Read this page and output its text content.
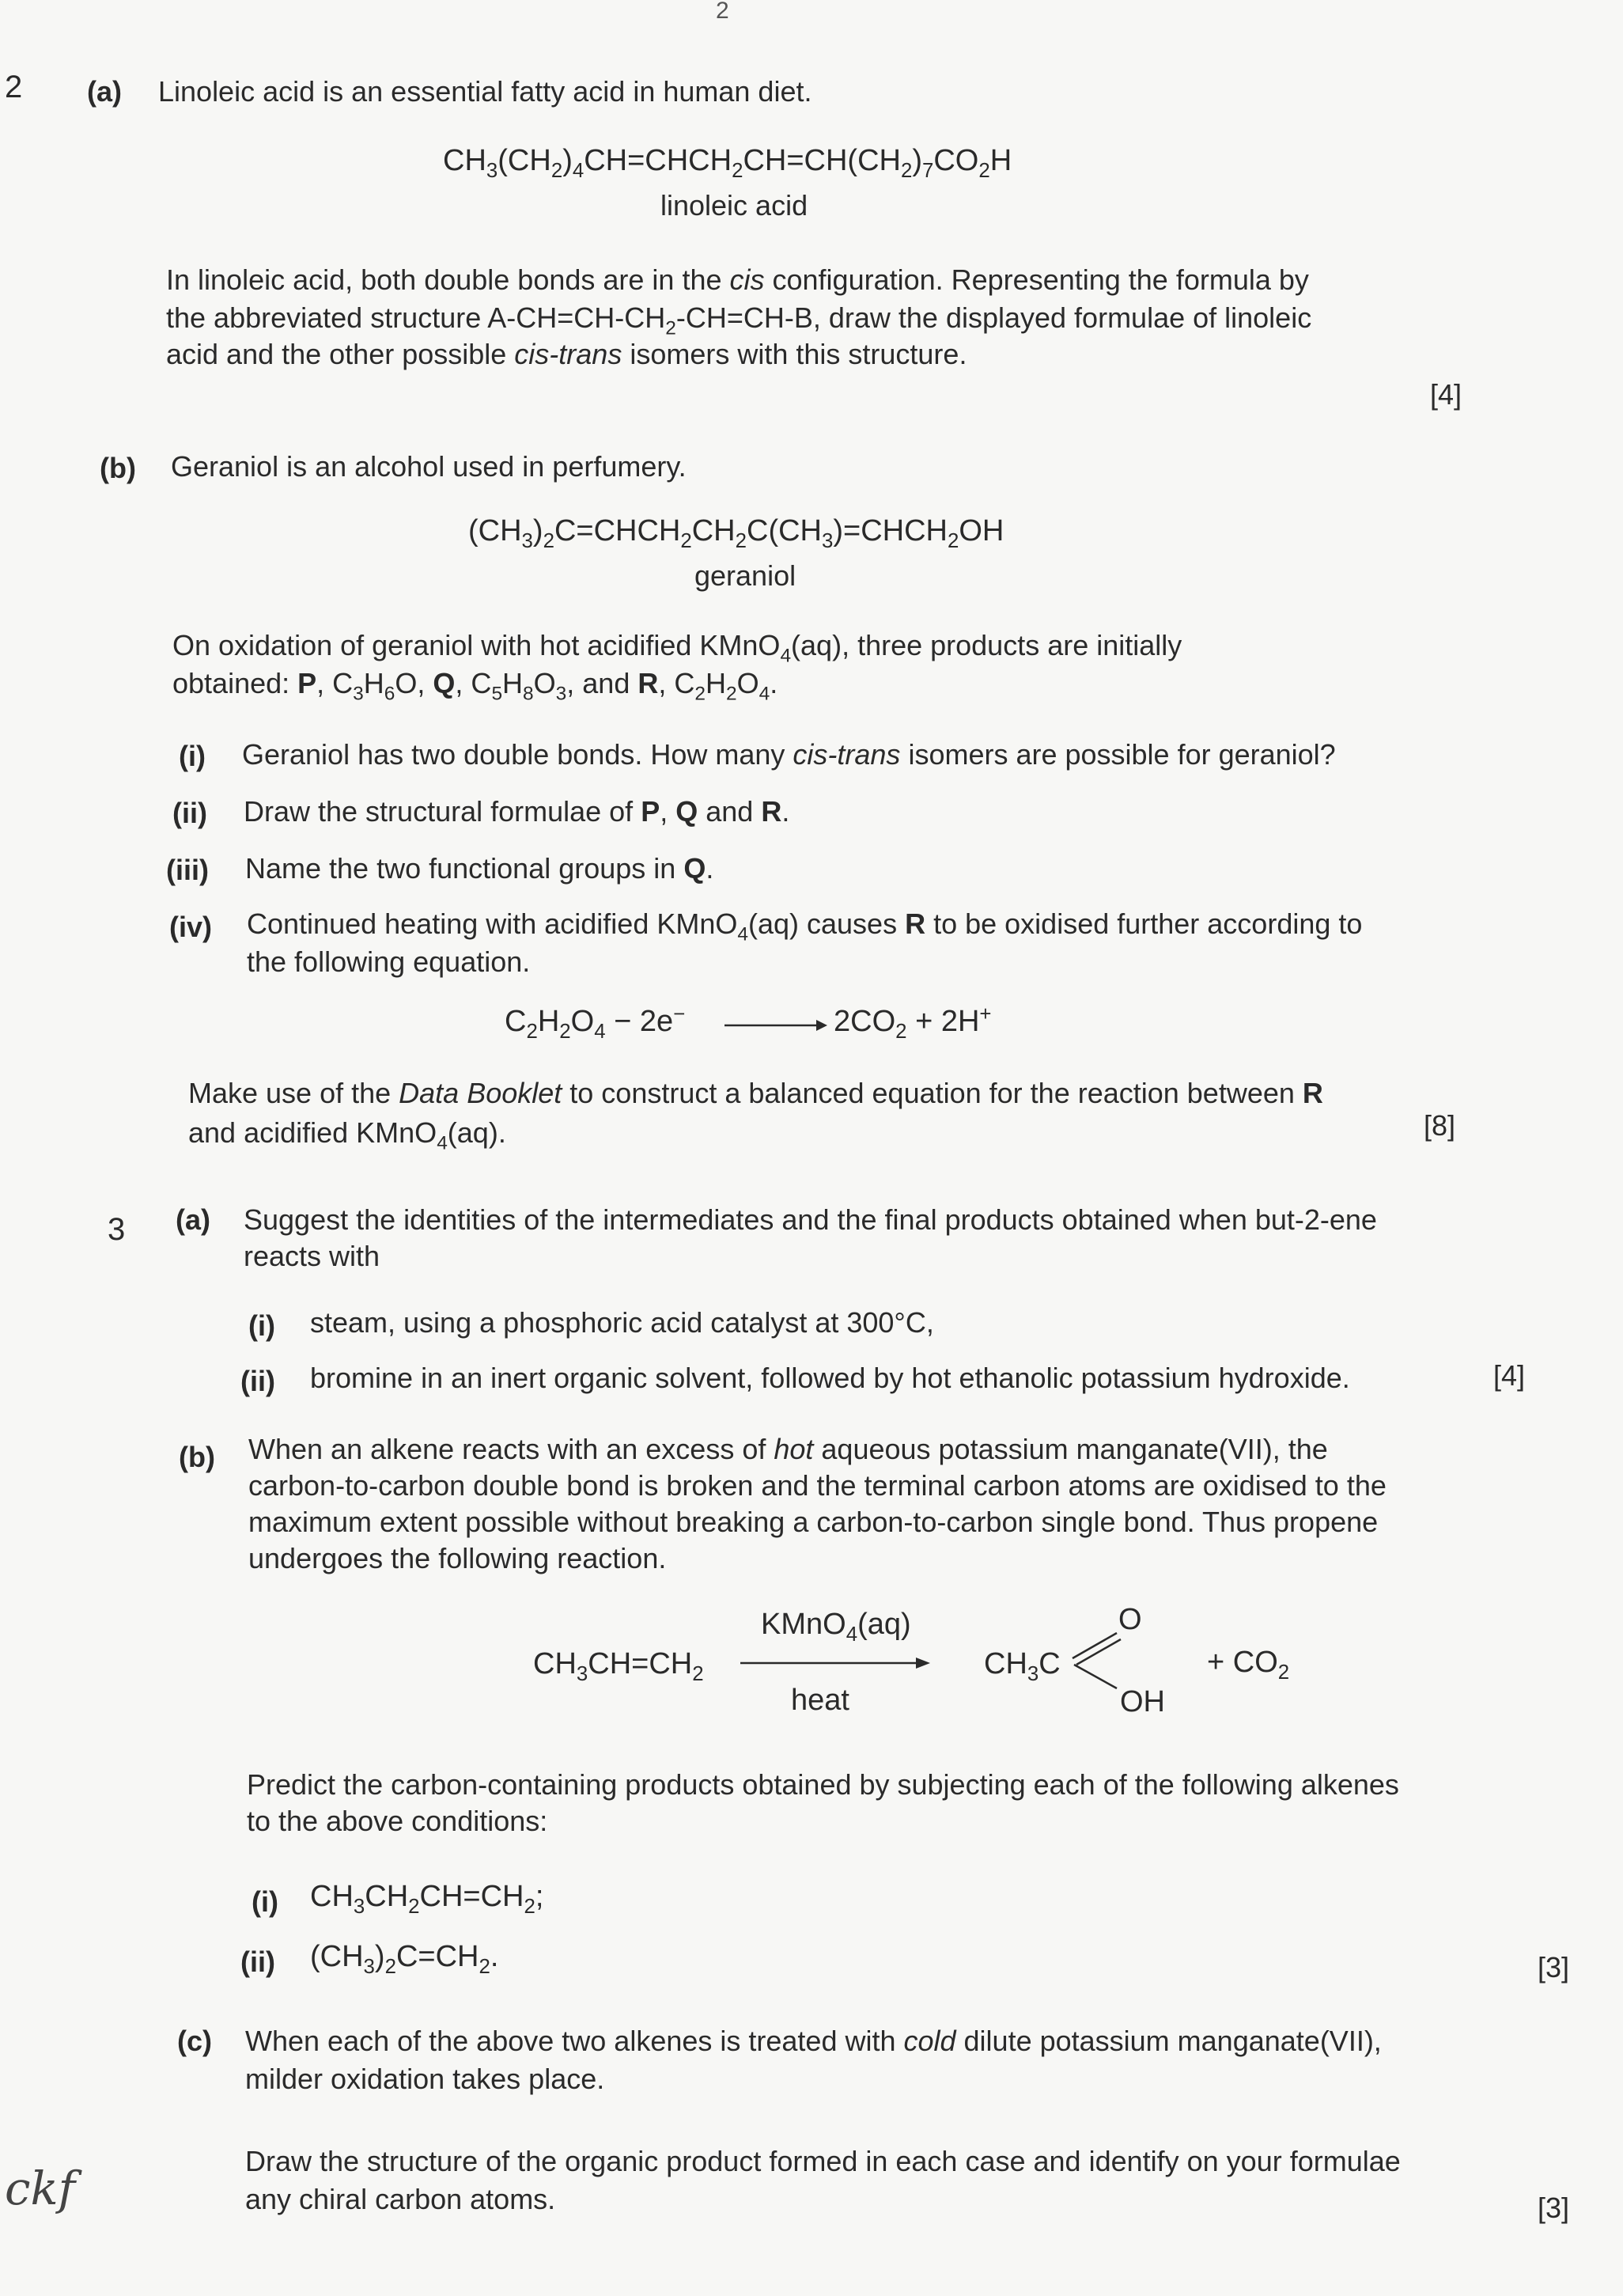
2
2 (a) Linoleic acid is an essential fatty acid in human diet.
$CH_3(CH_2)_4CH=CHCH_2CH=CH(CH_2)_7CO_2H$
linoleic acid
In linoleic acid, both double bonds are in the cis configuration. Representing the formula by
the abbreviated structure $A-CH=CH-CH_2-CH=CH-B$, draw the displayed formulae of linoleic
acid and the other possible cis-trans isomers with this structure.
[4]
(b) Geraniol is an alcohol used in perfumery.
$(CH_3)_2C=CHCH_2CH_2C(CH_3)=CHCH_2OH$
geraniol
On oxidation of geraniol with hot acidified KMnO$_4$(aq), three products are initially
obtained: P, $C_3H_6O$, Q, $C_5H_8O_3$, and R, $C_2H_2O_4$.
(i) Geraniol has two double bonds. How many cis-trans isomers are possible for geraniol?
(ii) Draw the structural formulae of P, Q and R.
(iii) Name the two functional groups in Q.
(iv) Continued heating with acidified KMnO$_4$(aq) causes R to be oxidised further according to
the following equation.
$C_2H_2O_4 - 2e^-$	$2CO_2 + 2H^+$
Make use of the Data Booklet to construct a balanced equation for the reaction between R
and acidified KMnO$_4$(aq).	[8]
3 (a) Suggest the identities of the intermediates and the final products obtained when but-2-ene
reacts with
(i) steam, using a phosphoric acid catalyst at 300°C,
(ii) bromine in an inert organic solvent, followed by hot ethanolic potassium hydroxide.	[4]
(b) When an alkene reacts with an excess of hot aqueous potassium manganate(VII), the
carbon-to-carbon double bond is broken and the terminal carbon atoms are oxidised to the
maximum extent possible without breaking a carbon-to-carbon single bond. Thus propene
undergoes the following reaction.
$CH_3CH=CH_2$
KMnO$_4$(aq)
heat
$CH_3C$
O
OH
+ $CO_2$
Predict the carbon-containing products obtained by subjecting each of the following alkenes
to the above conditions:
(i) $CH_3CH_2CH=CH_2$;
(ii) $(CH_3)_2C=CH_2$.	[3]
(c) When each of the above two alkenes is treated with cold dilute potassium manganate(VII),
milder oxidation takes place.
Draw the structure of the organic product formed in each case and identify on your formulae
any chiral carbon atoms.	[3]
ckf
